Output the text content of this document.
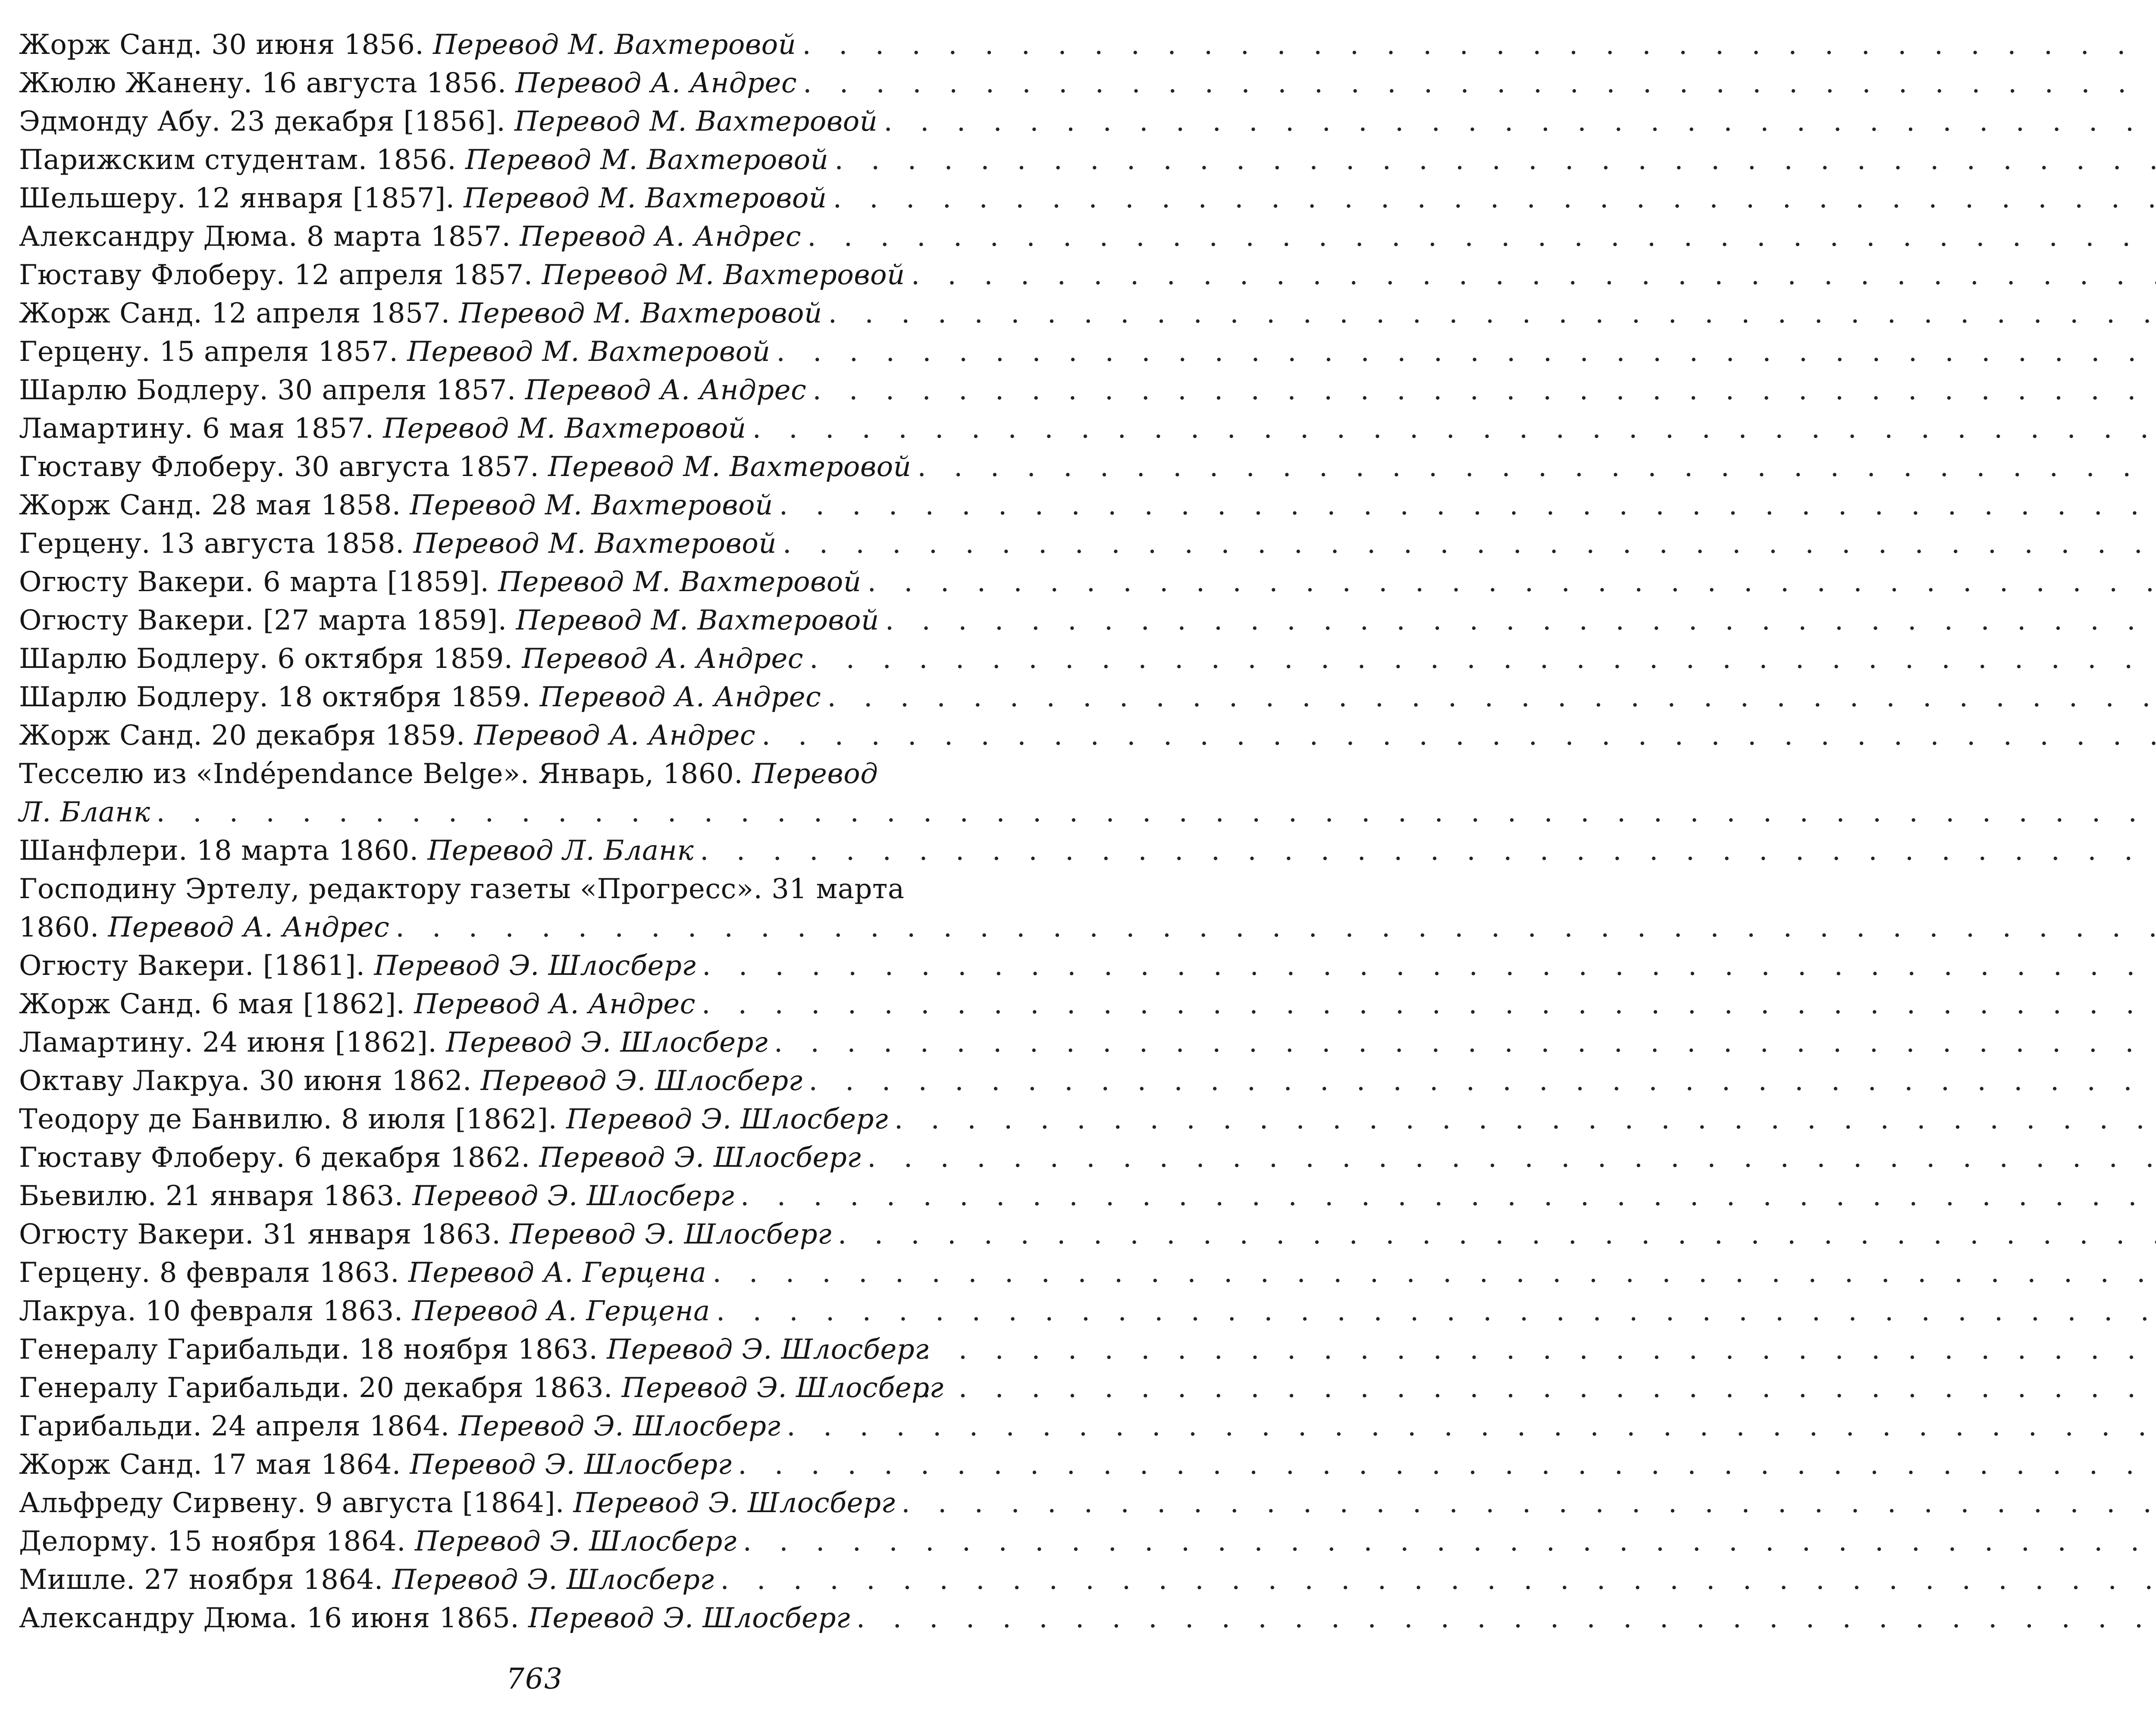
Жорж Санд. 30 июня 1856. Перевод М. Вахтеровой
. . .
Жюлю Жанену. 16 августа 1856. Перевод А. Андрес
. . .
Эдмонду Абу. 23 декабря [1856]. Перевод М. Вахтеровой
. . .
Парижским студентам. 1856. Перевод М. Вахтеровой
. . .
Шельшеру. 12 января [1857]. Перевод М. Вахтеровой
. . .
Александру Дюма. 8 марта 1857. Перевод А. Андрес
. . .
Гюставу Флоберу. 12 апреля 1857. Перевод М. Вахтеровой
. . .
Жорж Санд. 12 апреля 1857. Перевод М. Вахтеровой
. . .
Герцену. 15 апреля 1857. Перевод М. Вахтеровой
. . .
Шарлю Бодлеру. 30 апреля 1857. Перевод А. Андрес
. . .
Ламартину. 6 мая 1857. Перевод М. Вахтеровой
. . .
Гюставу Флоберу. 30 августа 1857. Перевод М. Вахтеровой
. . .
Жорж Санд. 28 мая 1858. Перевод М. Вахтеровой
. . .
Герцену. 13 августа 1858. Перевод М. Вахтеровой
. . .
Огюсту Вакери. 6 марта [1859]. Перевод М. Вахтеровой
. . .
Огюсту Вакери. [27 марта 1859]. Перевод М. Вахтеровой
. . .
Шарлю Бодлеру. 6 октября 1859. Перевод А. Андрес
. . .
Шарлю Бодлеру. 18 октября 1859. Перевод А. Андрес
. . .
Жорж Санд. 20 декабря 1859. Перевод А. Андрес
. . .
Тесселю из «Indépendance Belge». Январь, 1860. Перевод
Л. Бланк
. . .
Шанфлери. 18 марта 1860. Перевод Л. Бланк
. . .
Господину Эртелу, редактору газеты «Прогресс». 31 марта
1860. Перевод А. Андрес
. . .
Огюсту Вакери. [1861]. Перевод Э. Шлосберг
. . .
Жорж Санд. 6 мая [1862]. Перевод А. Андрес
. . .
Ламартину. 24 июня [1862]. Перевод Э. Шлосберг
. . .
Октаву Лакруа. 30 июня 1862. Перевод Э. Шлосберг
. . .
Теодору де Банвилю. 8 июля [1862]. Перевод Э. Шлосберг
. . .
Гюставу Флоберу. 6 декабря 1862. Перевод Э. Шлосберг
. . .
Бьевилю. 21 января 1863. Перевод Э. Шлосберг
. . .
Огюсту Вакери. 31 января 1863. Перевод Э. Шлосберг
. . .
Герцену. 8 февраля 1863. Перевод А. Герцена
. . .
Лакруа. 10 февраля 1863. Перевод А. Герцена
. . .
Генералу Гарибальди. 18 ноября 1863. Перевод Э. Шлосберг
. . .
Генералу Гарибальди. 20 декабря 1863. Перевод Э. Шлосберг
. . .
Гарибальди. 24 апреля 1864. Перевод Э. Шлосберг
. . .
Жорж Санд. 17 мая 1864. Перевод Э. Шлосберг
. . .
Альфреду Сирвену. 9 августа [1864]. Перевод Э. Шлосберг
. . .
Делорму. 15 ноября 1864. Перевод Э. Шлосберг
. . .
Мишле. 27 ноября 1864. Перевод Э. Шлосберг
. . .
Александру Дюма. 16 июня 1865. Перевод Э. Шлосберг
. . .
763
